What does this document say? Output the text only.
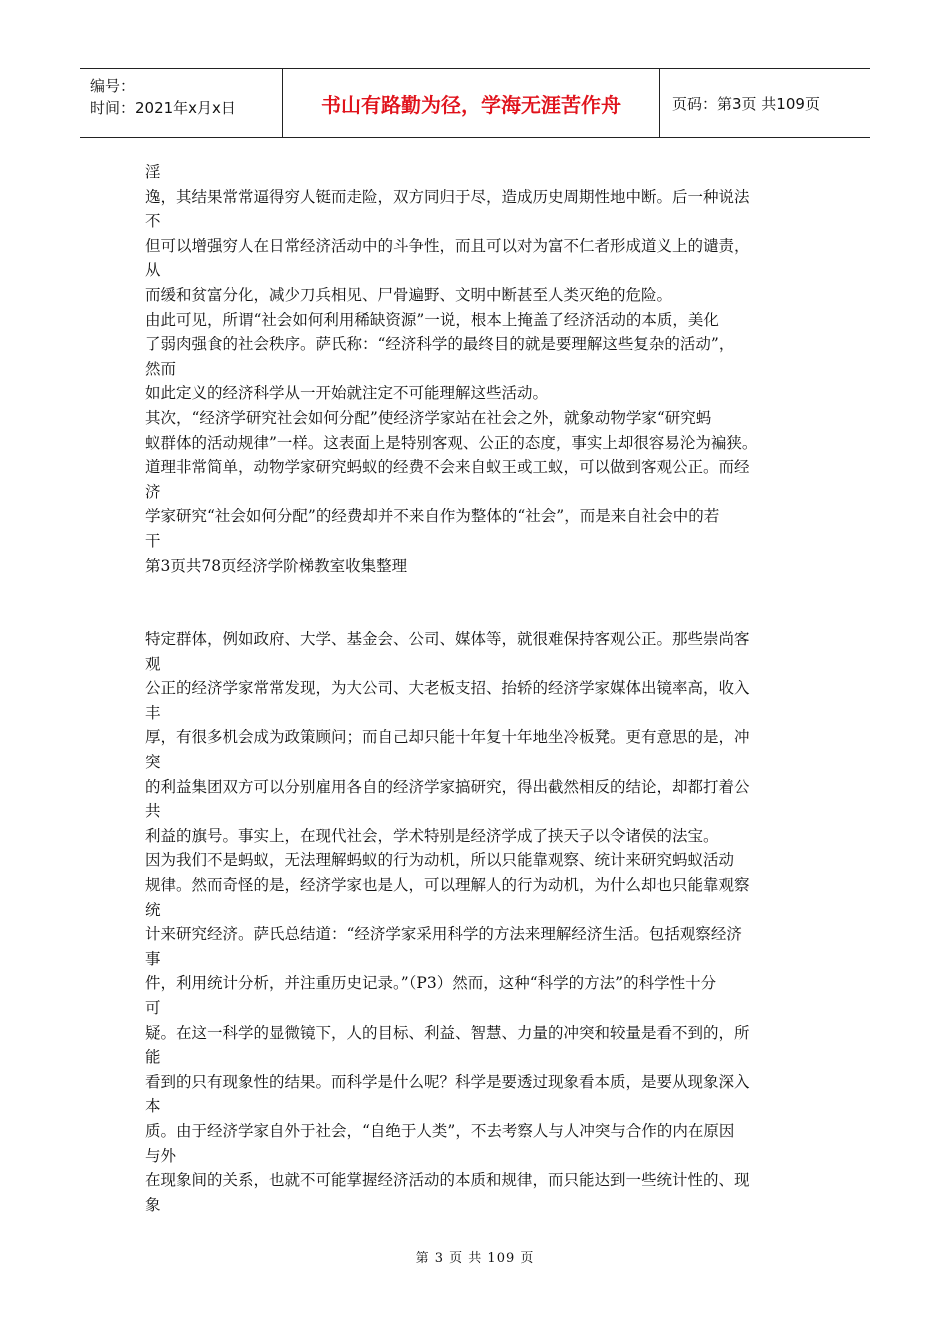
编号：
时间：2021年x月x日	书山有路勤为径，学海无涯苦作舟	页码：第3页 共109页
淫
逸，其结果常常逼得穷人铤而走险，双方同归于尽，造成历史周期性地中断。后一种说法
不
但可以增强穷人在日常经济活动中的斗争性，而且可以对为富不仁者形成道义上的谴责，
从
而缓和贫富分化，减少刀兵相见、尸骨遍野、文明中断甚至人类灭绝的危险。
由此可见，所谓“社会如何利用稀缺资源”一说，根本上掩盖了经济活动的本质，美化
了弱肉强食的社会秩序。萨氏称：“经济科学的最终目的就是要理解这些复杂的活动”，
然而
如此定义的经济科学从一开始就注定不可能理解这些活动。
其次，“经济学研究社会如何分配”使经济学家站在社会之外，就象动物学家“研究蚂
蚁群体的活动规律”一样。这表面上是特别客观、公正的态度，事实上却很容易沦为褊狭。
道理非常简单，动物学家研究蚂蚁的经费不会来自蚁王或工蚁，可以做到客观公正。而经
济
学家研究“社会如何分配”的经费却并不来自作为整体的“社会”，而是来自社会中的若
干
第3页共78页经济学阶梯教室收集整理
特定群体，例如政府、大学、基金会、公司、媒体等，就很难保持客观公正。那些崇尚客
观
公正的经济学家常常发现，为大公司、大老板支招、抬轿的经济学家媒体出镜率高，收入
丰
厚，有很多机会成为政策顾问；而自己却只能十年复十年地坐冷板凳。更有意思的是，冲
突
的利益集团双方可以分别雇用各自的经济学家搞研究，得出截然相反的结论，却都打着公
共
利益的旗号。事实上，在现代社会，学术特别是经济学成了挟天子以令诸侯的法宝。
因为我们不是蚂蚁，无法理解蚂蚁的行为动机，所以只能靠观察、统计来研究蚂蚁活动
规律。然而奇怪的是，经济学家也是人，可以理解人的行为动机，为什么却也只能靠观察
统
计来研究经济。萨氏总结道：“经济学家采用科学的方法来理解经济生活。包括观察经济
事
件，利用统计分析，并注重历史记录。”（P3）然而，这种“科学的方法”的科学性十分
可
疑。在这一科学的显微镜下，人的目标、利益、智慧、力量的冲突和较量是看不到的，所
能
看到的只有现象性的结果。而科学是什么呢？科学是要透过现象看本质，是要从现象深入
本
质。由于经济学家自外于社会，“自绝于人类”，不去考察人与人冲突与合作的内在原因
与外
在现象间的关系，也就不可能掌握经济活动的本质和规律，而只能达到一些统计性的、现
象
第 3 页 共 109 页
